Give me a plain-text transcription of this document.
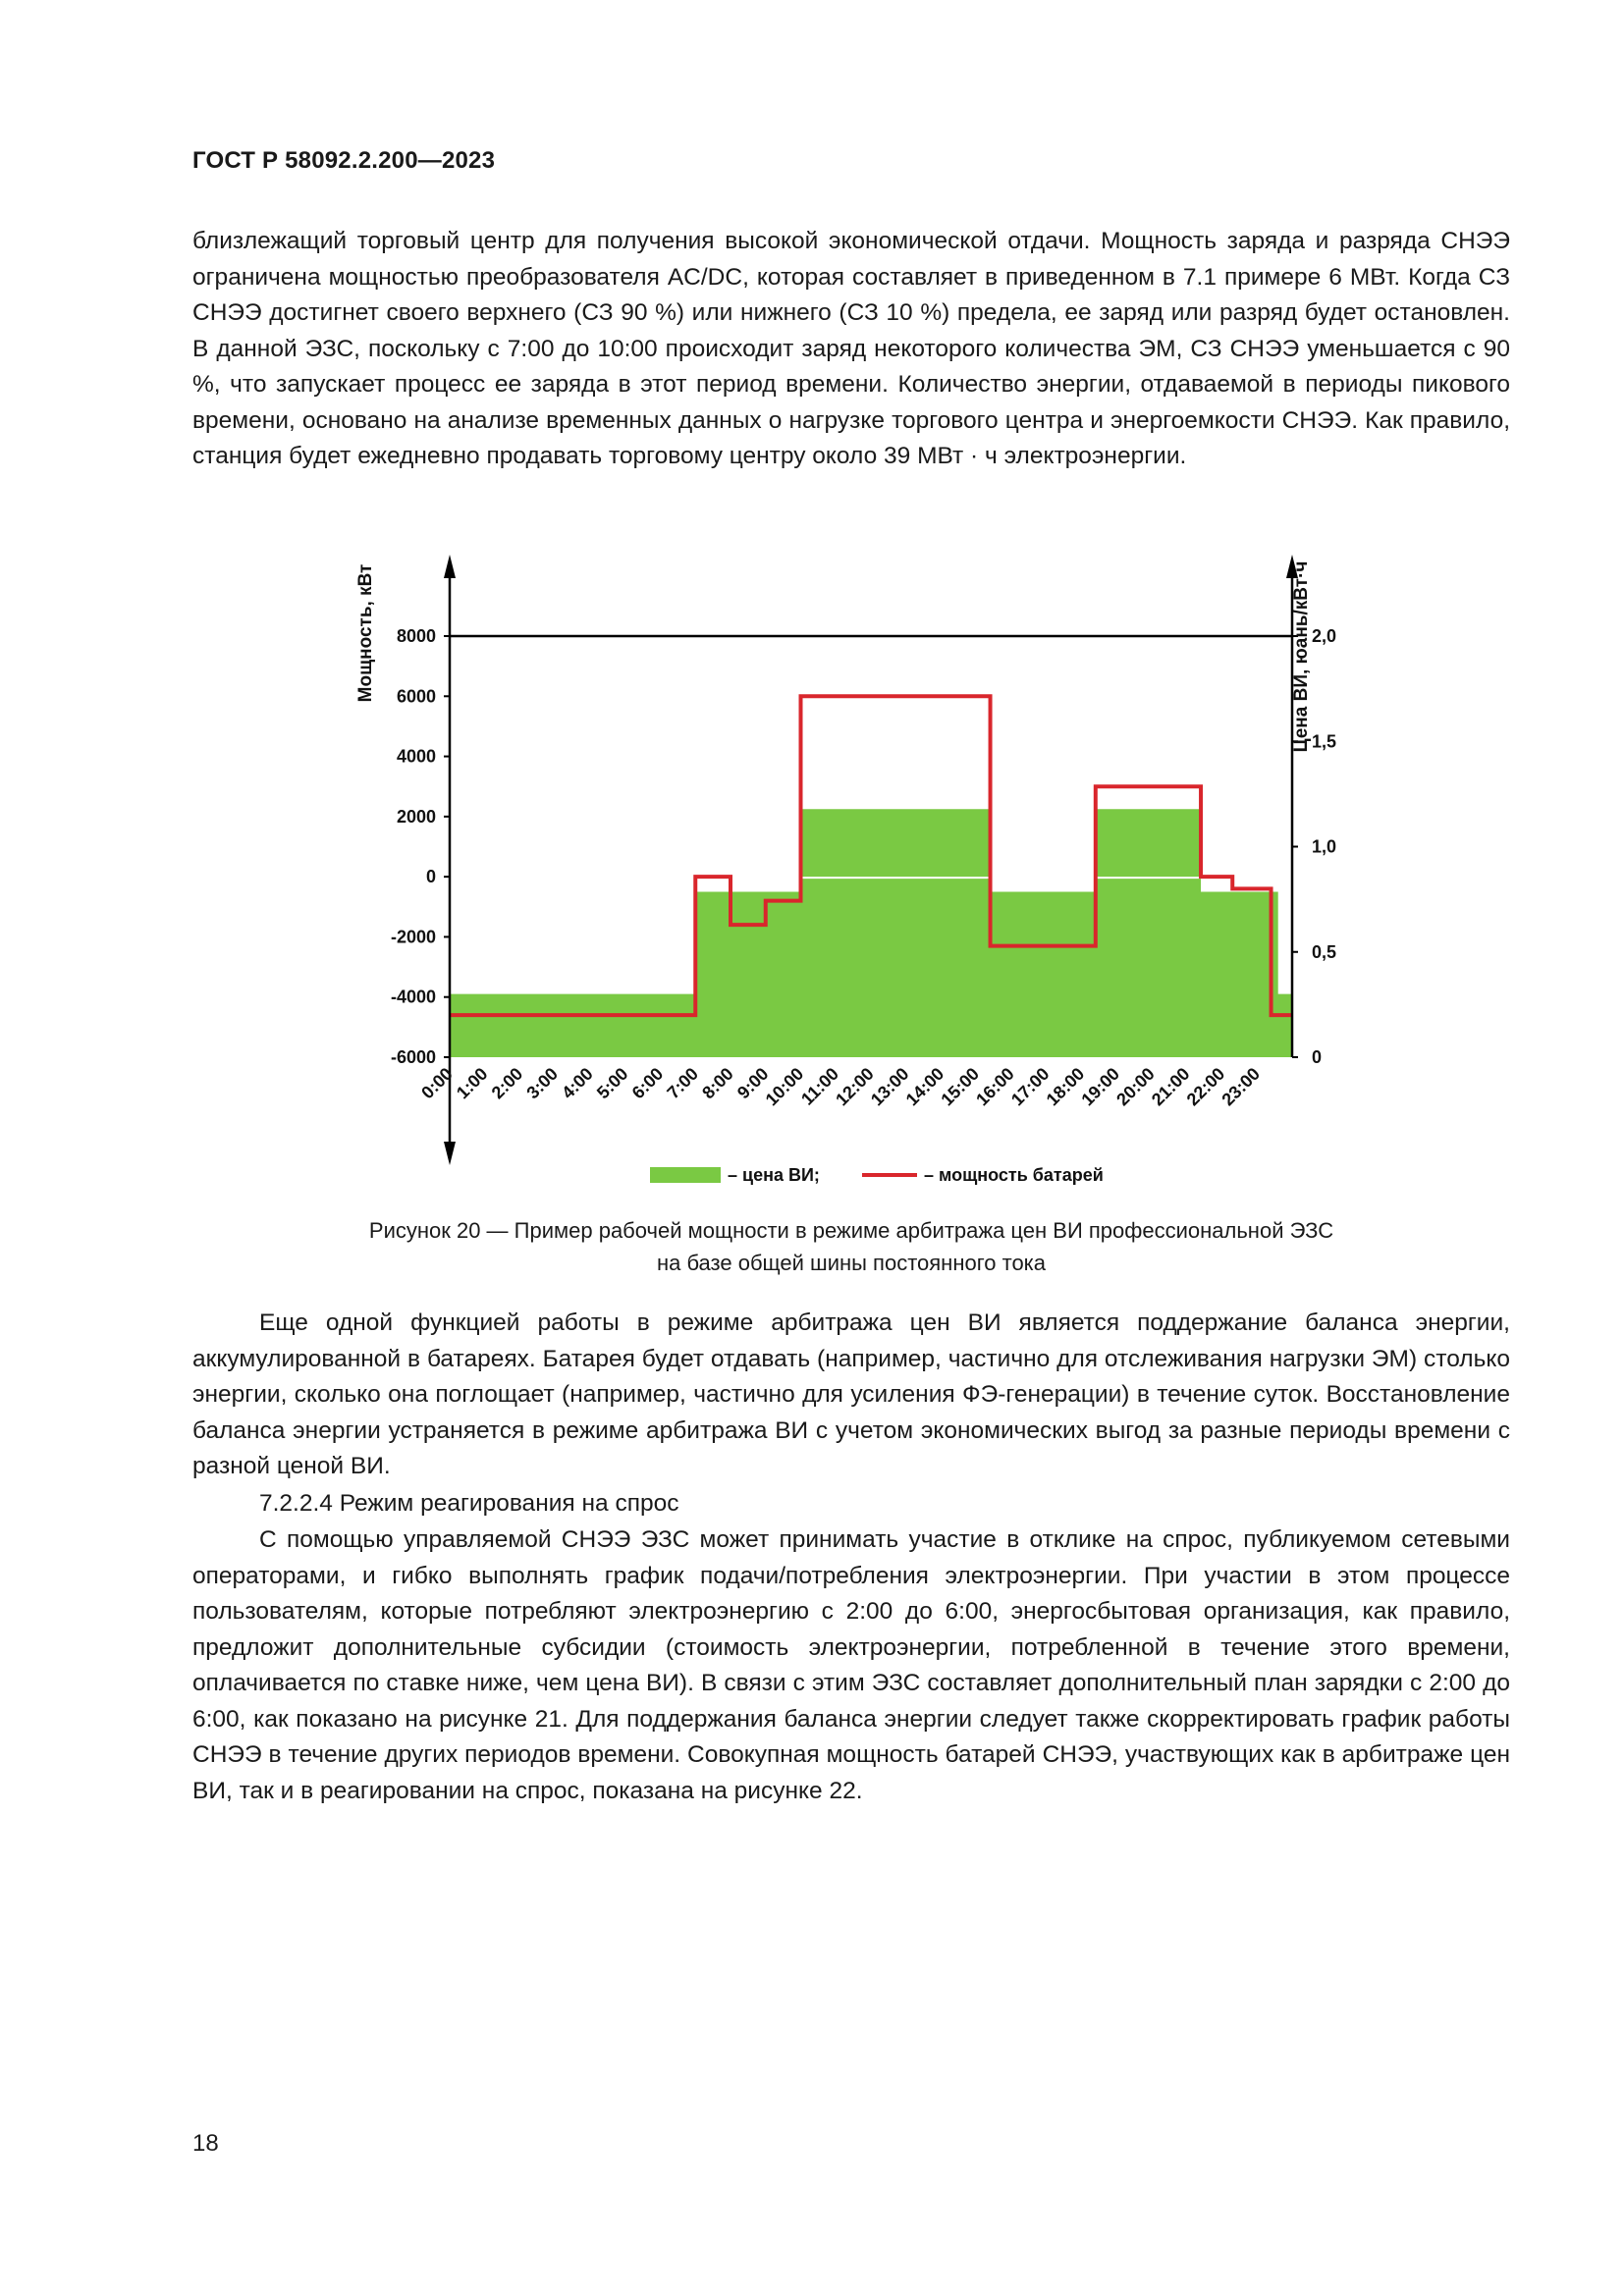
ГОСТ Р 58092.2.200—2023
близлежащий торговый центр для получения высокой экономической отдачи. Мощность заряда и разряда СНЭЭ ограничена мощностью преобразователя AC/DC, которая составляет в приведенном в 7.1 примере 6 МВт. Когда СЗ СНЭЭ достигнет своего верхнего (СЗ 90 %) или нижнего (СЗ 10 %) предела, ее заряд или разряд будет остановлен. В данной ЭЗС, поскольку с 7:00 до 10:00 происходит заряд некоторого количества ЭМ, СЗ СНЭЭ уменьшается с 90 %, что запускает процесс ее заряда в этот период времени. Количество энергии, отдаваемой в периоды пикового времени, основано на анализе временных данных о нагрузке торгового центра и энергоемкости СНЭЭ. Как правило, станция будет ежедневно продавать торговому центру около 39 МВт · ч электроэнергии.
8000
6000
4000
2000
0
-2000
-4000
-6000
2,0
1,5
1,0
0,5
0
0:00
1:00
2:00
3:00
4:00
5:00
6:00
7:00
8:00
9:00
10:00
11:00
12:00
13:00
14:00
15:00
16:00
17:00
18:00
19:00
20:00
21:00
22:00
23:00
Мощность, кВт	Цена ВИ, юань/кВт·ч
– цена ВИ;	– мощность батарей
Рисунок 20 — Пример рабочей мощности в режиме арбитража цен ВИ профессиональной ЭЗС
на базе общей шины постоянного тока
Еще одной функцией работы в режиме арбитража цен ВИ является поддержание баланса энергии, аккумулированной в батареях. Батарея будет отдавать (например, частично для отслеживания нагрузки ЭМ) столько энергии, сколько она поглощает (например, частично для усиления ФЭ-генерации) в течение суток. Восстановление баланса энергии устраняется в режиме арбитража ВИ с учетом экономических выгод за разные периоды времени с разной ценой ВИ.
7.2.2.4 Режим реагирования на спрос
С помощью управляемой СНЭЭ ЭЗС может принимать участие в отклике на спрос, публикуемом сетевыми операторами, и гибко выполнять график подачи/потребления электроэнергии. При участии в этом процессе пользователям, которые потребляют электроэнергию с 2:00 до 6:00, энергосбытовая организация, как правило, предложит дополнительные субсидии (стоимость электроэнергии, потребленной в течение этого времени, оплачивается по ставке ниже, чем цена ВИ). В связи с этим ЭЗС составляет дополнительный план зарядки с 2:00 до 6:00, как показано на рисунке 21. Для поддержания баланса энергии следует также скорректировать график работы СНЭЭ в течение других периодов времени. Совокупная мощность батарей СНЭЭ, участвующих как в арбитраже цен ВИ, так и в реагировании на спрос, показана на рисунке 22.
18
